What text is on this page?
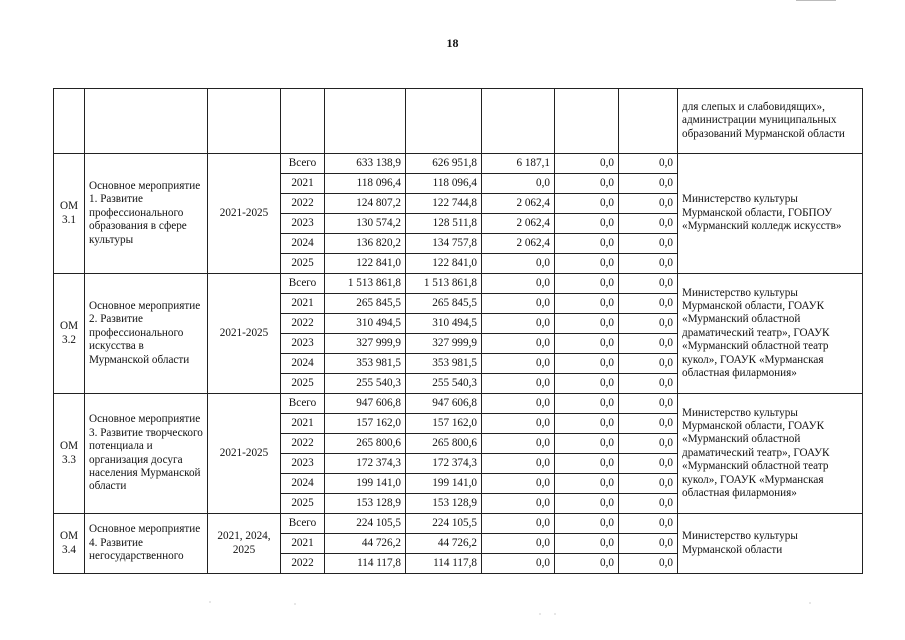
18
									для слепых и слабовидящих», администрации муниципальных образований Мурманской области
ОМ 3.1	Основное мероприятие 1. Развитие профессионального образования в сфере культуры	2021-2025	Всего	633 138,9	626 951,8	6 187,1	0,0	0,0	Министерство культуры Мурманской области, ГОБПОУ «Мурманский колледж искусств»
			2021	118 096,4	118 096,4	0,0	0,0	0,0	
			2022	124 807,2	122 744,8	2 062,4	0,0	0,0	
			2023	130 574,2	128 511,8	2 062,4	0,0	0,0	
			2024	136 820,2	134 757,8	2 062,4	0,0	0,0	
			2025	122 841,0	122 841,0	0,0	0,0	0,0	
ОМ 3.2	Основное мероприятие 2. Развитие профессионального искусства в Мурманской области	2021-2025	Всего	1 513 861,8	1 513 861,8	0,0	0,0	0,0	Министерство культуры Мурманской области, ГОАУК «Мурманский областной драматический театр», ГОАУК «Мурманский областной театр кукол», ГОАУК «Мурманская областная филармония»
			2021	265 845,5	265 845,5	0,0	0,0	0,0	
			2022	310 494,5	310 494,5	0,0	0,0	0,0	
			2023	327 999,9	327 999,9	0,0	0,0	0,0	
			2024	353 981,5	353 981,5	0,0	0,0	0,0	
			2025	255 540,3	255 540,3	0,0	0,0	0,0	
ОМ 3.3	Основное мероприятие 3. Развитие творческого потенциала и организация досуга населения Мурманской области	2021-2025	Всего	947 606,8	947 606,8	0,0	0,0	0,0	Министерство культуры Мурманской области, ГОАУК «Мурманский областной драматический театр», ГОАУК «Мурманский областной театр кукол», ГОАУК «Мурманская областная филармония»
			2021	157 162,0	157 162,0	0,0	0,0	0,0	
			2022	265 800,6	265 800,6	0,0	0,0	0,0	
			2023	172 374,3	172 374,3	0,0	0,0	0,0	
			2024	199 141,0	199 141,0	0,0	0,0	0,0	
			2025	153 128,9	153 128,9	0,0	0,0	0,0	
ОМ 3.4	Основное мероприятие 4. Развитие негосударственного	2021, 2024, 2025	Всего	224 105,5	224 105,5	0,0	0,0	0,0	Министерство культуры Мурманской области
			2021	44 726,2	44 726,2	0,0	0,0	0,0	
			2022	114 117,8	114 117,8	0,0	0,0	0,0	
